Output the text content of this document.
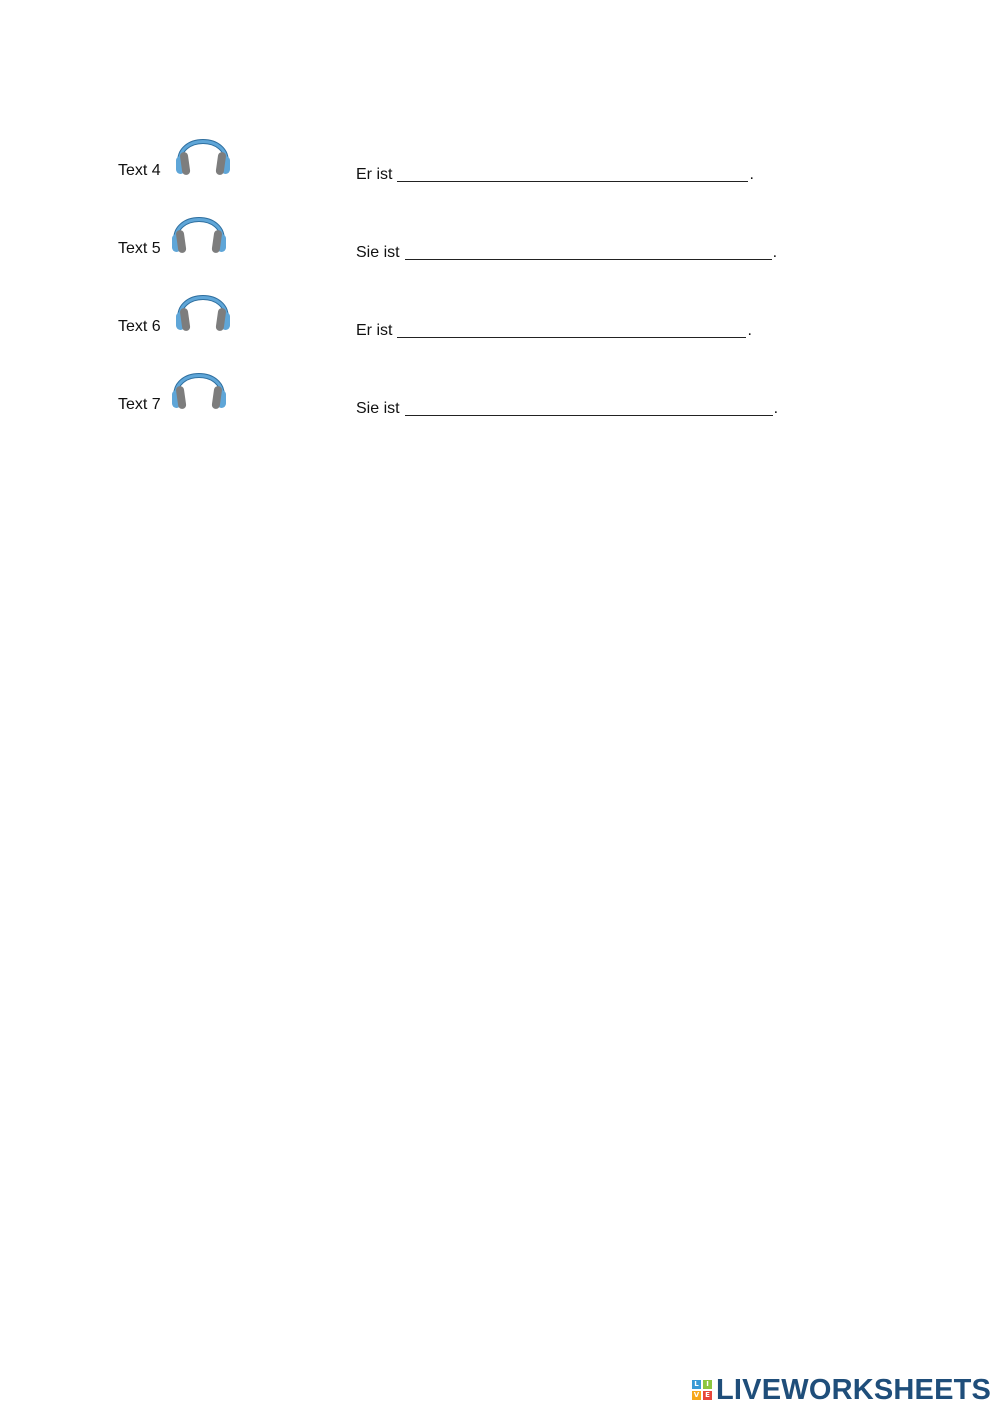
Text 4	Er ist	.
Text 5	Sie ist	.
Text 6	Er ist	.
Text 7	Sie ist	.
L	I
V E LIVEWORKSHEETS
